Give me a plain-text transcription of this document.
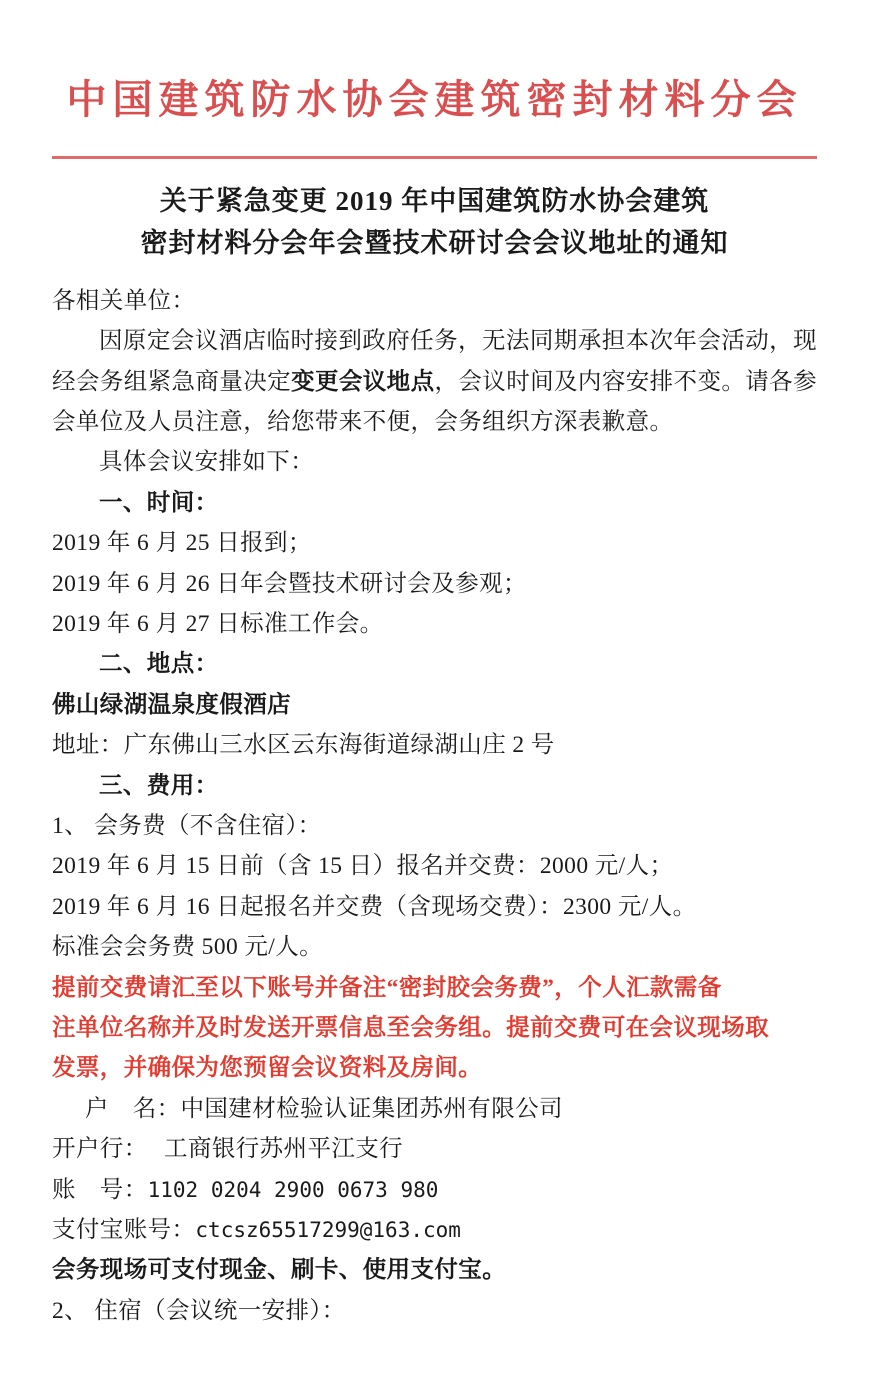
中国建筑防水协会建筑密封材料分会
关于紧急变更 2019 年中国建筑防水协会建筑
密封材料分会年会暨技术研讨会会议地址的通知

各相关单位：

因原定会议酒店临时接到政府任务，无法同期承担本次年会活动，现经会务组紧急商量决定变更会议地点，会议时间及内容安排不变。请各参会单位及人员注意，给您带来不便，会务组织方深表歉意。

具体会议安排如下：

一、时间：

2019 年 6 月 25 日报到；

2019 年 6 月 26 日年会暨技术研讨会及参观；

2019 年 6 月 27 日标准工作会。

二、地点：

佛山绿湖温泉度假酒店

地址：广东佛山三水区云东海街道绿湖山庄 2 号

三、费用：

1、 会务费（不含住宿）：

2019 年 6 月 15 日前（含 15 日）报名并交费：2000 元/人；

2019 年 6 月 16 日起报名并交费（含现场交费）：2300 元/人。

标准会会务费 500 元/人。

提前交费请汇至以下账号并备注“密封胶会务费”，个人汇款需备

注单位名称并及时发送开票信息至会务组。提前交费可在会议现场取

发票，并确保为您预留会议资料及房间。

户　名：中国建材检验认证集团苏州有限公司

开户行： 工商银行苏州平江支行

账　号：1102 0204 2900 0673 980

支付宝账号：ctcsz65517299@163.com

会务现场可支付现金、刷卡、使用支付宝。

2、 住宿（会议统一安排）：
